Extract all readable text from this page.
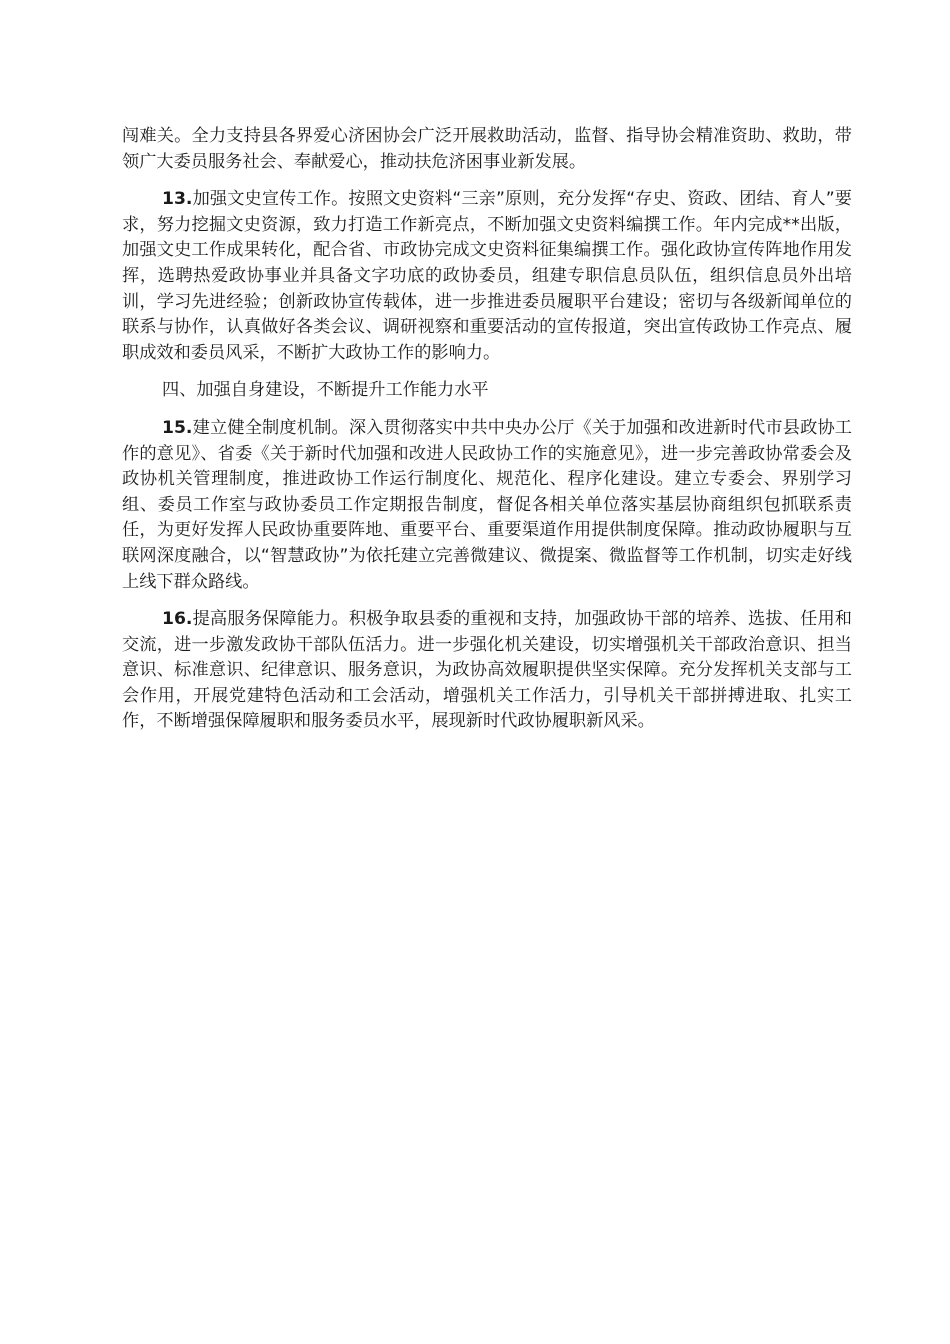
闯难关。全力支持县各界爱心济困协会广泛开展救助活动，监督、指导协会精准资助、救助，带领广大委员服务社会、奉献爱心，推动扶危济困事业新发展。

13.加强文史宣传工作。按照文史资料“三亲”原则，充分发挥“存史、资政、团结、育人”要求，努力挖掘文史资源，致力打造工作新亮点，不断加强文史资料编撰工作。年内完成**出版，加强文史工作成果转化，配合省、市政协完成文史资料征集编撰工作。强化政协宣传阵地作用发挥，选聘热爱政协事业并具备文字功底的政协委员，组建专职信息员队伍，组织信息员外出培训，学习先进经验；创新政协宣传载体，进一步推进委员履职平台建设；密切与各级新闻单位的联系与协作，认真做好各类会议、调研视察和重要活动的宣传报道，突出宣传政协工作亮点、履职成效和委员风采，不断扩大政协工作的影响力。

四、加强自身建设，不断提升工作能力水平

15.建立健全制度机制。深入贯彻落实中共中央办公厅《关于加强和改进新时代市县政协工作的意见》、省委《关于新时代加强和改进人民政协工作的实施意见》，进一步完善政协常委会及政协机关管理制度，推进政协工作运行制度化、规范化、程序化建设。建立专委会、界别学习组、委员工作室与政协委员工作定期报告制度，督促各相关单位落实基层协商组织包抓联系责任，为更好发挥人民政协重要阵地、重要平台、重要渠道作用提供制度保障。推动政协履职与互联网深度融合，以“智慧政协”为依托建立完善微建议、微提案、微监督等工作机制，切实走好线上线下群众路线。

16.提高服务保障能力。积极争取县委的重视和支持，加强政协干部的培养、选拔、任用和交流，进一步激发政协干部队伍活力。进一步强化机关建设，切实增强机关干部政治意识、担当意识、标准意识、纪律意识、服务意识，为政协高效履职提供坚实保障。充分发挥机关支部与工会作用，开展党建特色活动和工会活动，增强机关工作活力，引导机关干部拼搏进取、扎实工作，不断增强保障履职和服务委员水平，展现新时代政协履职新风采。
